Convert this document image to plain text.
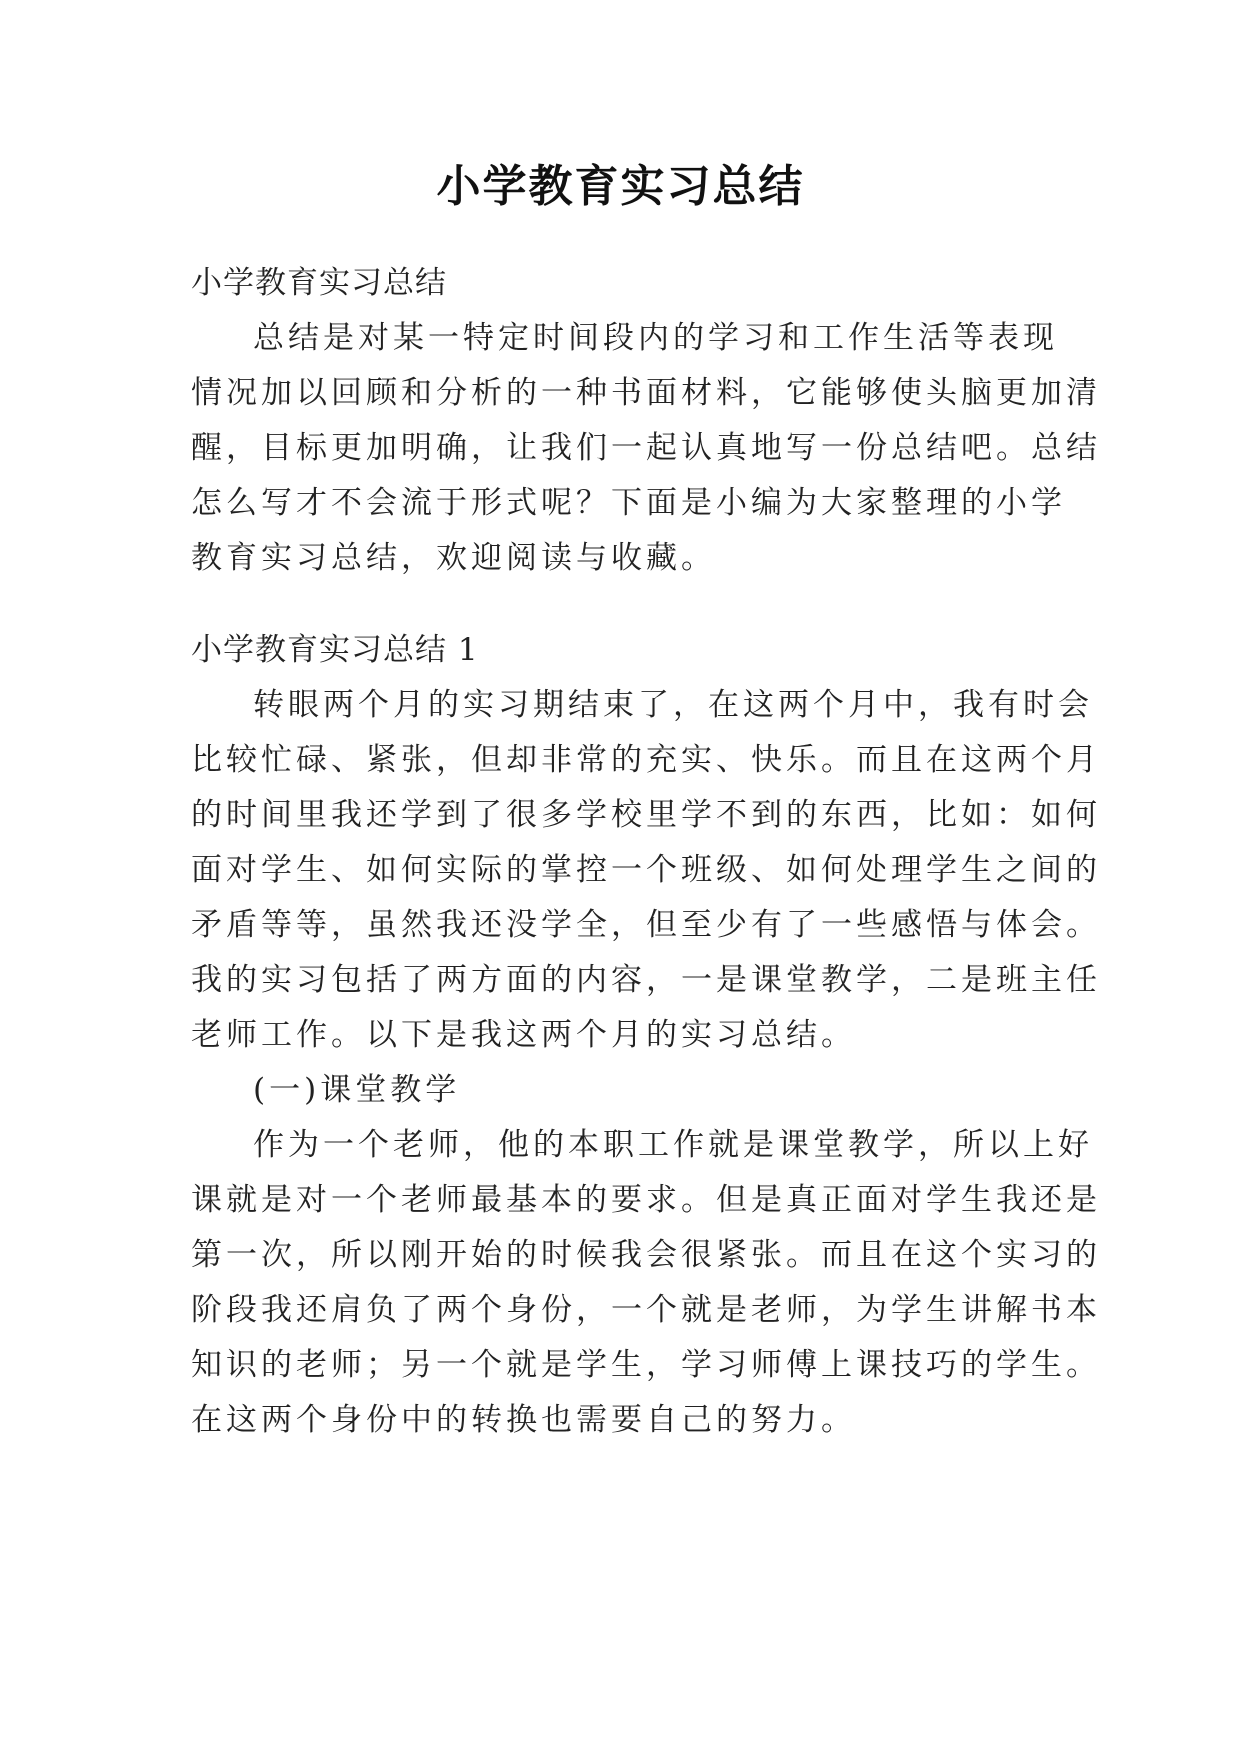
小学教育实习总结
小学教育实习总结
总结是对某一特定时间段内的学习和工作生活等表现
情况加以回顾和分析的一种书面材料，它能够使头脑更加清
醒，目标更加明确，让我们一起认真地写一份总结吧。总结
怎么写才不会流于形式呢？下面是小编为大家整理的小学
教育实习总结，欢迎阅读与收藏。
小学教育实习总结 1
转眼两个月的实习期结束了，在这两个月中，我有时会
比较忙碌、紧张，但却非常的充实、快乐。而且在这两个月
的时间里我还学到了很多学校里学不到的东西，比如：如何
面对学生、如何实际的掌控一个班级、如何处理学生之间的
矛盾等等，虽然我还没学全，但至少有了一些感悟与体会。
我的实习包括了两方面的内容，一是课堂教学，二是班主任
老师工作。以下是我这两个月的实习总结。
(一)课堂教学
作为一个老师，他的本职工作就是课堂教学，所以上好
课就是对一个老师最基本的要求。但是真正面对学生我还是
第一次，所以刚开始的时候我会很紧张。而且在这个实习的
阶段我还肩负了两个身份，一个就是老师，为学生讲解书本
知识的老师；另一个就是学生，学习师傅上课技巧的学生。
在这两个身份中的转换也需要自己的努力。
